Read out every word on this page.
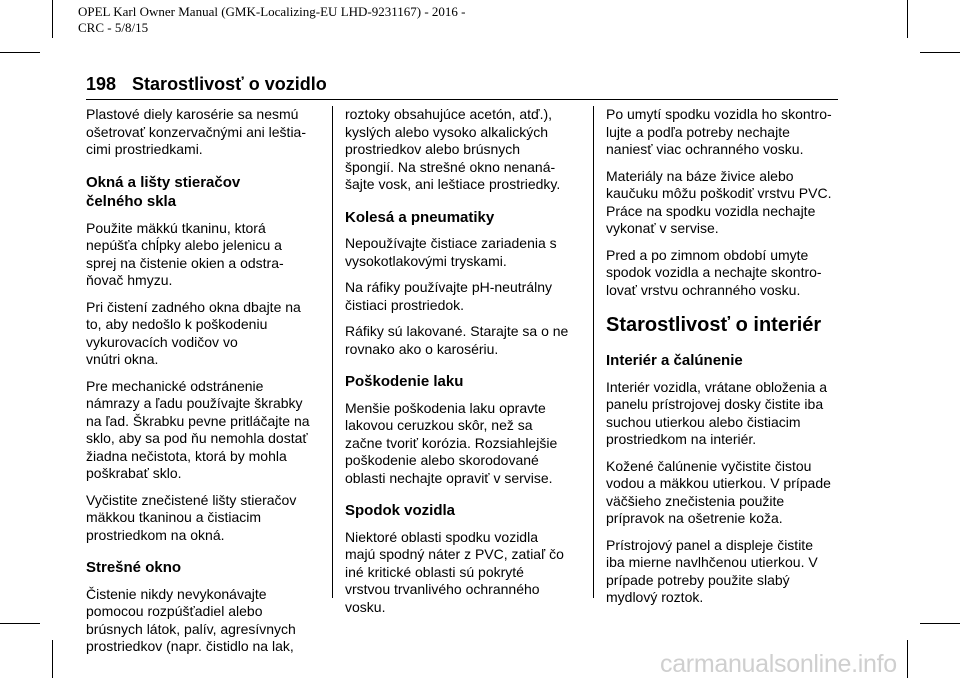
OPEL Karl Owner Manual (GMK-Localizing-EU LHD-9231167) - 2016 -
CRC - 5/8/15
198 Starostlivosť o vozidlo

Plastové diely karosérie sa nesmú
ošetrovať konzervačnými ani leštia-
cimi prostriedkami.

Okná a lišty stieračov
čelného skla

Použite mäkkú tkaninu, ktorá
nepúšťa chĺpky alebo jelenicu a
sprej na čistenie okien a odstra-
ňovač hmyzu.

Pri čistení zadného okna dbajte na
to, aby nedošlo k poškodeniu
vykurovacích vodičov vo
vnútri okna.

Pre mechanické odstránenie
námrazy a ľadu používajte škrabky
na ľad. Škrabku pevne pritláčajte na
sklo, aby sa pod ňu nemohla dostať
žiadna nečistota, ktorá by mohla
poškrabať sklo.

Vyčistite znečistené lišty stieračov
mäkkou tkaninou a čistiacim
prostriedkom na okná.

Strešné okno

Čistenie nikdy nevykonávajte
pomocou rozpúšťadiel alebo
brúsnych látok, palív, agresívnych
prostriedkov (napr. čistidlo na lak,

roztoky obsahujúce acetón, atď.),
kyslých alebo vysoko alkalických
prostriedkov alebo brúsnych
špongií. Na strešné okno nenaná-
šajte vosk, ani leštiace prostriedky.

Kolesá a pneumatiky

Nepoužívajte čistiace zariadenia s
vysokotlakovými tryskami.

Na ráfiky používajte pH-neutrálny
čistiaci prostriedok.

Ráfiky sú lakované. Starajte sa o ne
rovnako ako o karosériu.

Poškodenie laku

Menšie poškodenia laku opravte
lakovou ceruzkou skôr, než sa
začne tvoriť korózia. Rozsiahlejšie
poškodenie alebo skorodované
oblasti nechajte opraviť v servise.

Spodok vozidla

Niektoré oblasti spodku vozidla
majú spodný náter z PVC, zatiaľ čo
iné kritické oblasti sú pokryté
vrstvou trvanlivého ochranného
vosku.

Po umytí spodku vozidla ho skontro-
lujte a podľa potreby nechajte
naniesť viac ochranného vosku.

Materiály na báze živice alebo
kaučuku môžu poškodiť vrstvu PVC.
Práce na spodku vozidla nechajte
vykonať v servise.

Pred a po zimnom období umyte
spodok vozidla a nechajte skontro-
lovať vrstvu ochranného vosku.

Starostlivosť o interiér
Interiér a čalúnenie

Interiér vozidla, vrátane obloženia a
panelu prístrojovej dosky čistite iba
suchou utierkou alebo čistiacim
prostriedkom na interiér.

Kožené čalúnenie vyčistite čistou
vodou a mäkkou utierkou. V prípade
väčšieho znečistenia použite
prípravok na ošetrenie koža.

Prístrojový panel a displeje čistite
iba mierne navlhčenou utierkou. V
prípade potreby použite slabý
mydlový roztok.

carmanualsonline.info
